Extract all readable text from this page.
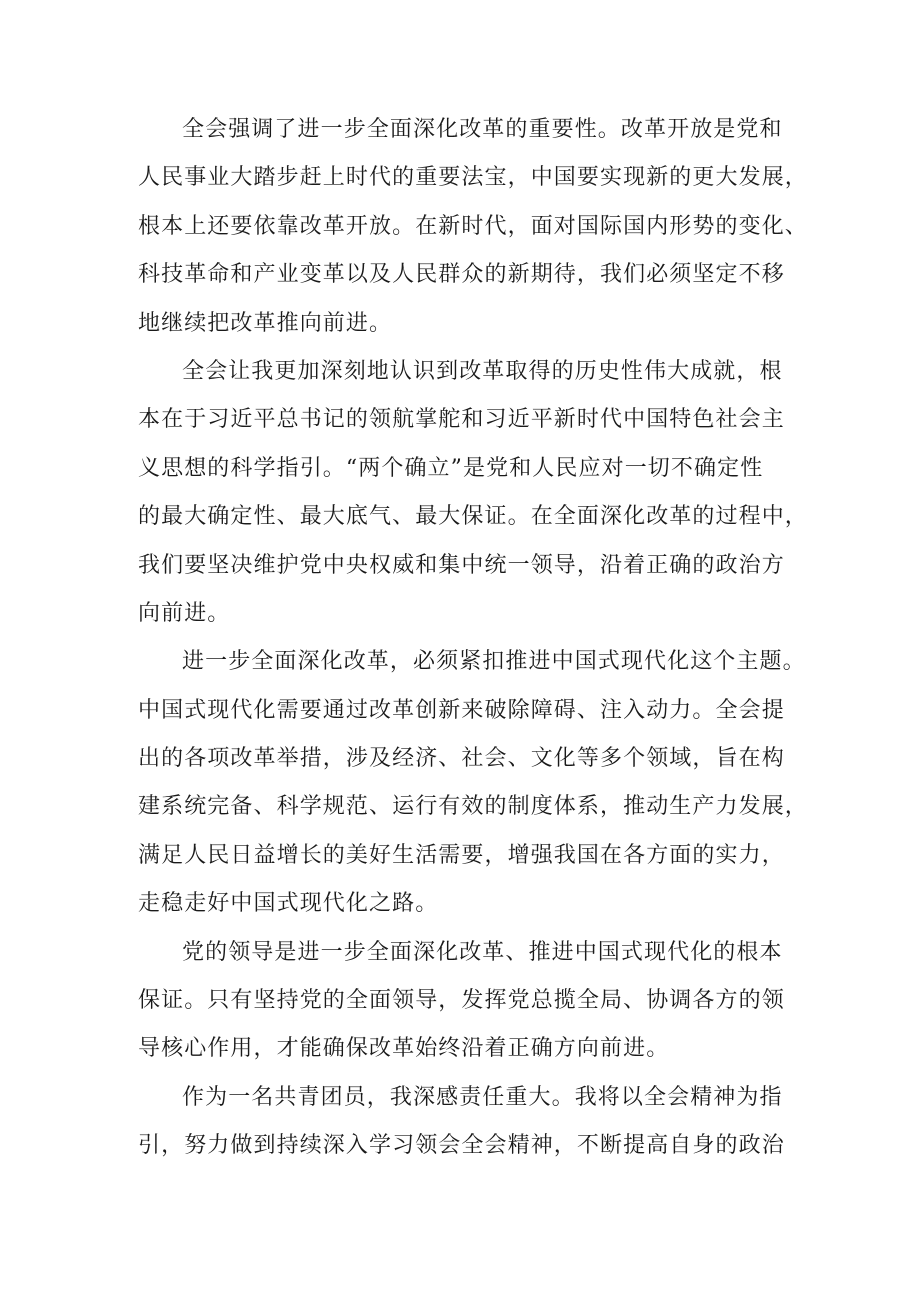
全会强调了进一步全面深化改革的重要性。改革开放是党和
人民事业大踏步赶上时代的重要法宝，中国要实现新的更大发展，
根本上还要依靠改革开放。在新时代，面对国际国内形势的变化、
科技革命和产业变革以及人民群众的新期待，我们必须坚定不移
地继续把改革推向前进。
全会让我更加深刻地认识到改革取得的历史性伟大成就，根
本在于习近平总书记的领航掌舵和习近平新时代中国特色社会主
义思想的科学指引。“两个确立”是党和人民应对一切不确定性
的最大确定性、最大底气、最大保证。在全面深化改革的过程中，
我们要坚决维护党中央权威和集中统一领导，沿着正确的政治方
向前进。
进一步全面深化改革，必须紧扣推进中国式现代化这个主题。
中国式现代化需要通过改革创新来破除障碍、注入动力。全会提
出的各项改革举措，涉及经济、社会、文化等多个领域，旨在构
建系统完备、科学规范、运行有效的制度体系，推动生产力发展，
满足人民日益增长的美好生活需要，增强我国在各方面的实力，
走稳走好中国式现代化之路。
党的领导是进一步全面深化改革、推进中国式现代化的根本
保证。只有坚持党的全面领导，发挥党总揽全局、协调各方的领
导核心作用，才能确保改革始终沿着正确方向前进。
作为一名共青团员，我深感责任重大。我将以全会精神为指
引，努力做到持续深入学习领会全会精神，不断提高自身的政治
